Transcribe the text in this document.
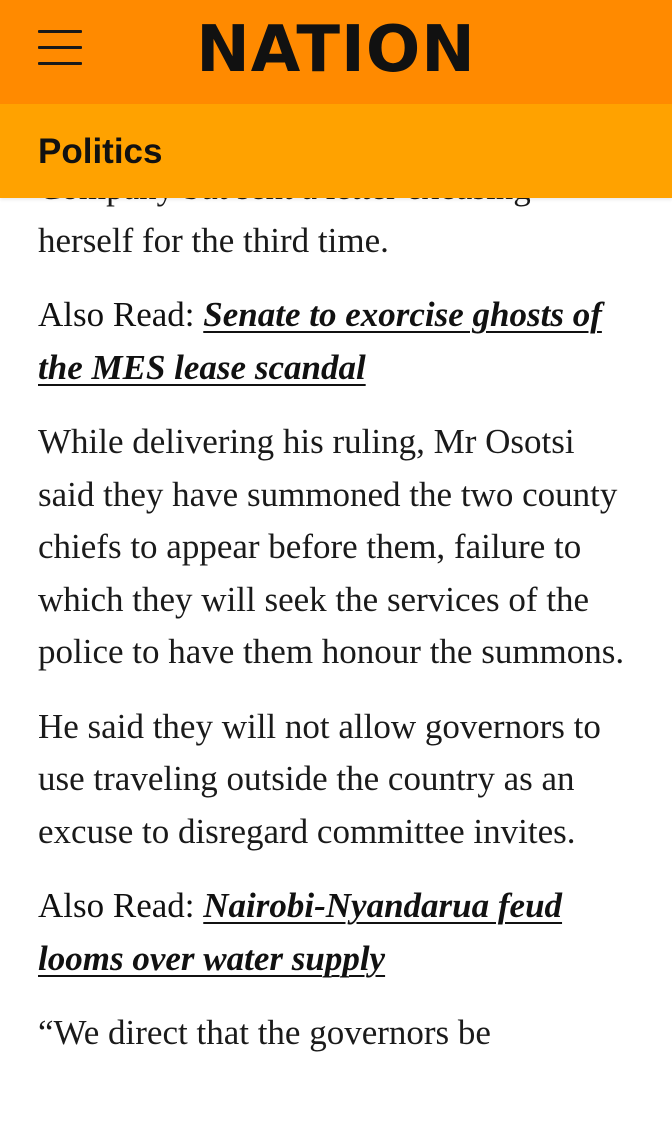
NATION
Politics

herself for the third time.

Also Read: Senate to exorcise ghosts of the MES lease scandal

While delivering his ruling, Mr Osotsi said they have summoned the two county chiefs to appear before them, failure to which they will seek the services of the police to have them honour the summons.

He said they will not allow governors to use traveling outside the country as an excuse to disregard committee invites.

Also Read: Nairobi-Nyandarua feud looms over water supply

“We direct that the governors be
